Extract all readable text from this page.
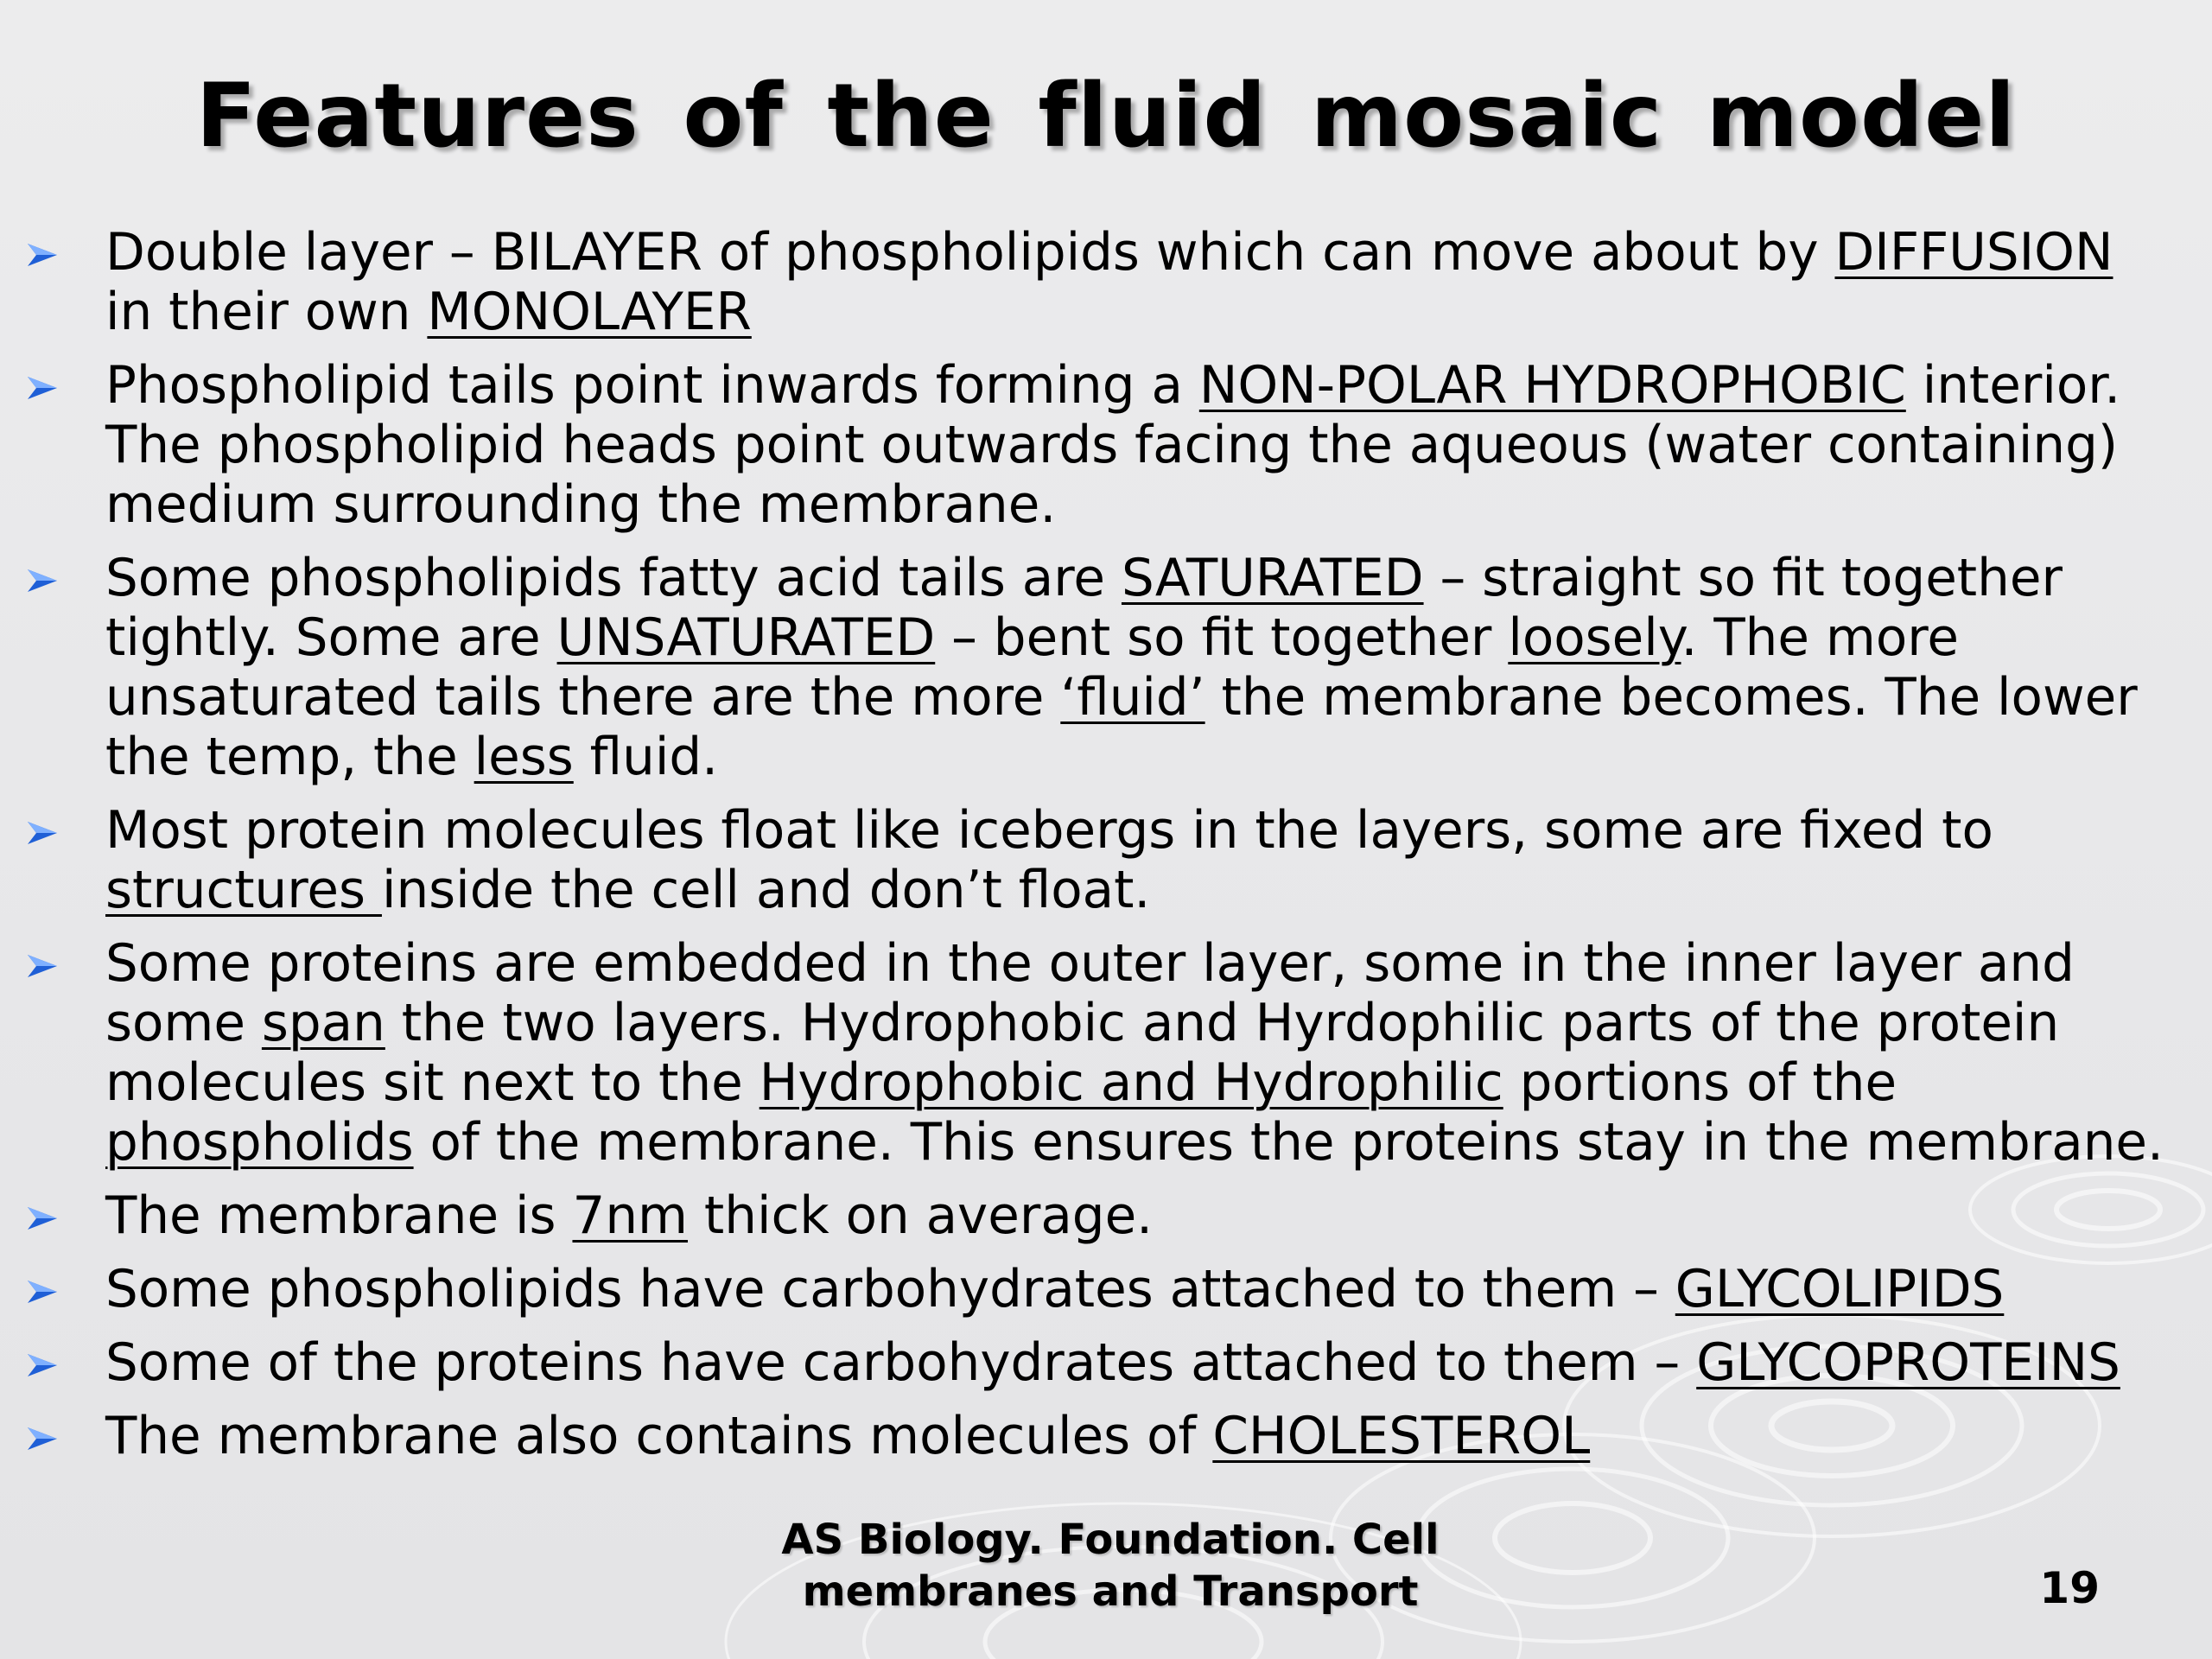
Features of the fluid mosaic model
Double layer – BILAYER of phospholipids which can move about by DIFFUSION
in their own MONOLAYER
Phospholipid tails point inwards forming a NON-POLAR HYDROPHOBIC interior.
The phospholipid heads point outwards facing the aqueous (water containing)
medium surrounding the membrane.
Some phospholipids fatty acid tails are SATURATED – straight so fit together
tightly. Some are UNSATURATED – bent so fit together loosely. The more
unsaturated tails there are the more ‘fluid’ the membrane becomes. The lower
the temp, the less fluid.
Most protein molecules float like icebergs in the layers, some are fixed to
structures inside the cell and don’t float.
Some proteins are embedded in the outer layer, some in the inner layer and
some span the two layers. Hydrophobic and Hyrdophilic parts of the protein
molecules sit next to the Hydrophobic and Hydrophilic portions of the
phospholids of the membrane. This ensures the proteins stay in the membrane.
The membrane is 7nm thick on average.
Some phospholipids have carbohydrates attached to them – GLYCOLIPIDS
Some of the proteins have carbohydrates attached to them – GLYCOPROTEINS
The membrane also contains molecules of CHOLESTEROL
AS Biology. Foundation. Cell
membranes and Transport	19
